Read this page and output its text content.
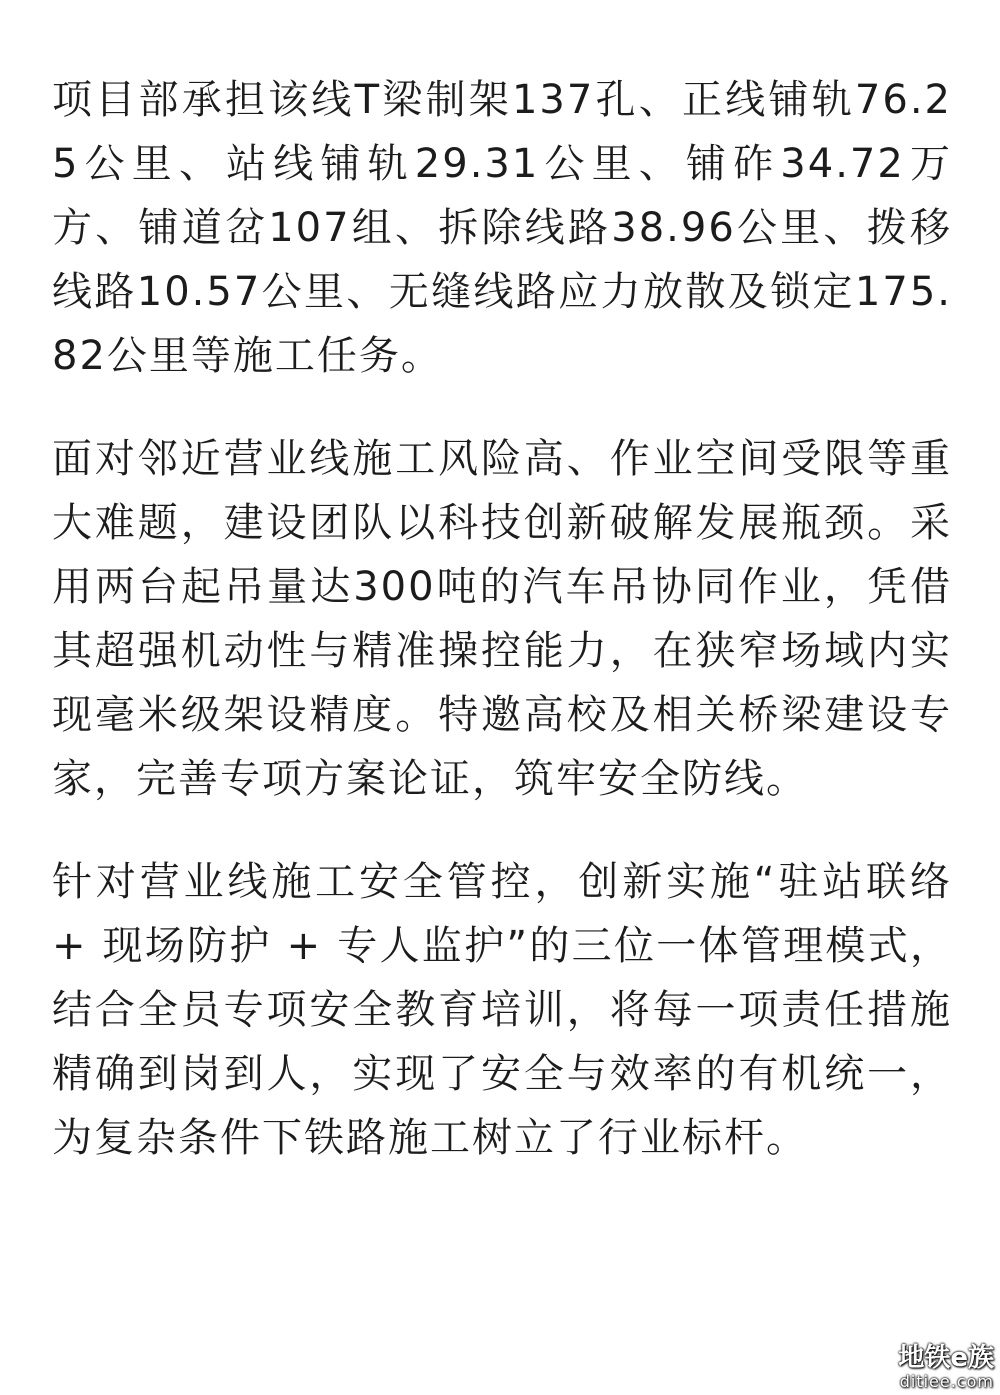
项目部承担该线T梁制架137孔、正线铺轨76.25公里、站线铺轨29.31公里、铺砟34.72万方、铺道岔107组、拆除线路38.96公里、拨移线路10.57公里、无缝线路应力放散及锁定175.82公里等施工任务。

面对邻近营业线施工风险高、作业空间受限等重大难题，建设团队以科技创新破解发展瓶颈。采用两台起吊量达300吨的汽车吊协同作业，凭借其超强机动性与精准操控能力，在狭窄场域内实现毫米级架设精度。特邀高校及相关桥梁建设专家，完善专项方案论证，筑牢安全防线。

针对营业线施工安全管控，创新实施“驻站联络 + 现场防护 + 专人监护”的三位一体管理模式，结合全员专项安全教育培训，将每一项责任措施精确到岗到人，实现了安全与效率的有机统一，为复杂条件下铁路施工树立了行业标杆。

地铁e族
ditiee.com
